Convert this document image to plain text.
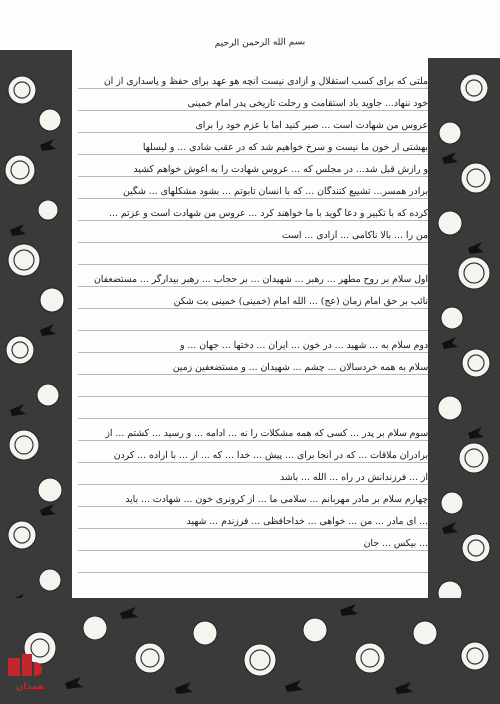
بسم الله الرحمن الرحیم
ملتی که برای کسب استقلال و آزادی نیست آنچه هو عهد برای حفظ و پاسداری از آن
خود ننهاد... جاوید باد استقامت و رحلت تاریخی پدر امام خمینی
عروس من شهادت است ... صبر کنید اما با عزم خود را برای
بهشتی از خون ما نیست و سرخ خواهیم شد که در عقب شادی ... و لیسلها
و رازش قبل شد... در مجلس که ... عروس شهادت را به آغوش خواهم کشید
برادر همسر... تشییع کنندگان ... که با انسان تابوتم ... بشود مشکلهای ... شگین
کرده که با تکبیر و دعا گوید با ما خواهند کرد ... عروس من شهادت است و عزتم ...
من را ... بالا ناکامی ... آزادی ... است
اول سلام بر روح مطهر ... رهبر ... شهیدان ... بر حجاب ... رهبر بیدارگر ... مستضعفان
نائب بر حق امام زمان (عج) ... الله امام (خمینی) خمینی بت شکن
دوم سلام به ... شهید ... در خون ... ایران ... دختها ... جهان ... و
سلام به همه خردسالان ... چشم ... شهیدان ... و مستضعفین زمین
سوم سلام بر پدر ... کسی که همه مشکلات را نه ... ادامه ... و رسید ... کشتم ... از
برادران ملاقات ... که در آنجا برای ... پیش ... خدا ... که ... از ... با اراده ... کردن
از ... فرزندانش در راه ... الله ... باشد
چهارم سلام بر مادر مهربانم ... سلامی ما ... از کرونری خون ... شهادت ... باید
... ای مادر ... من ... خواهی ... خداحافظی ... فرزندم ... شهید
... بیکس ... جان
همدان
